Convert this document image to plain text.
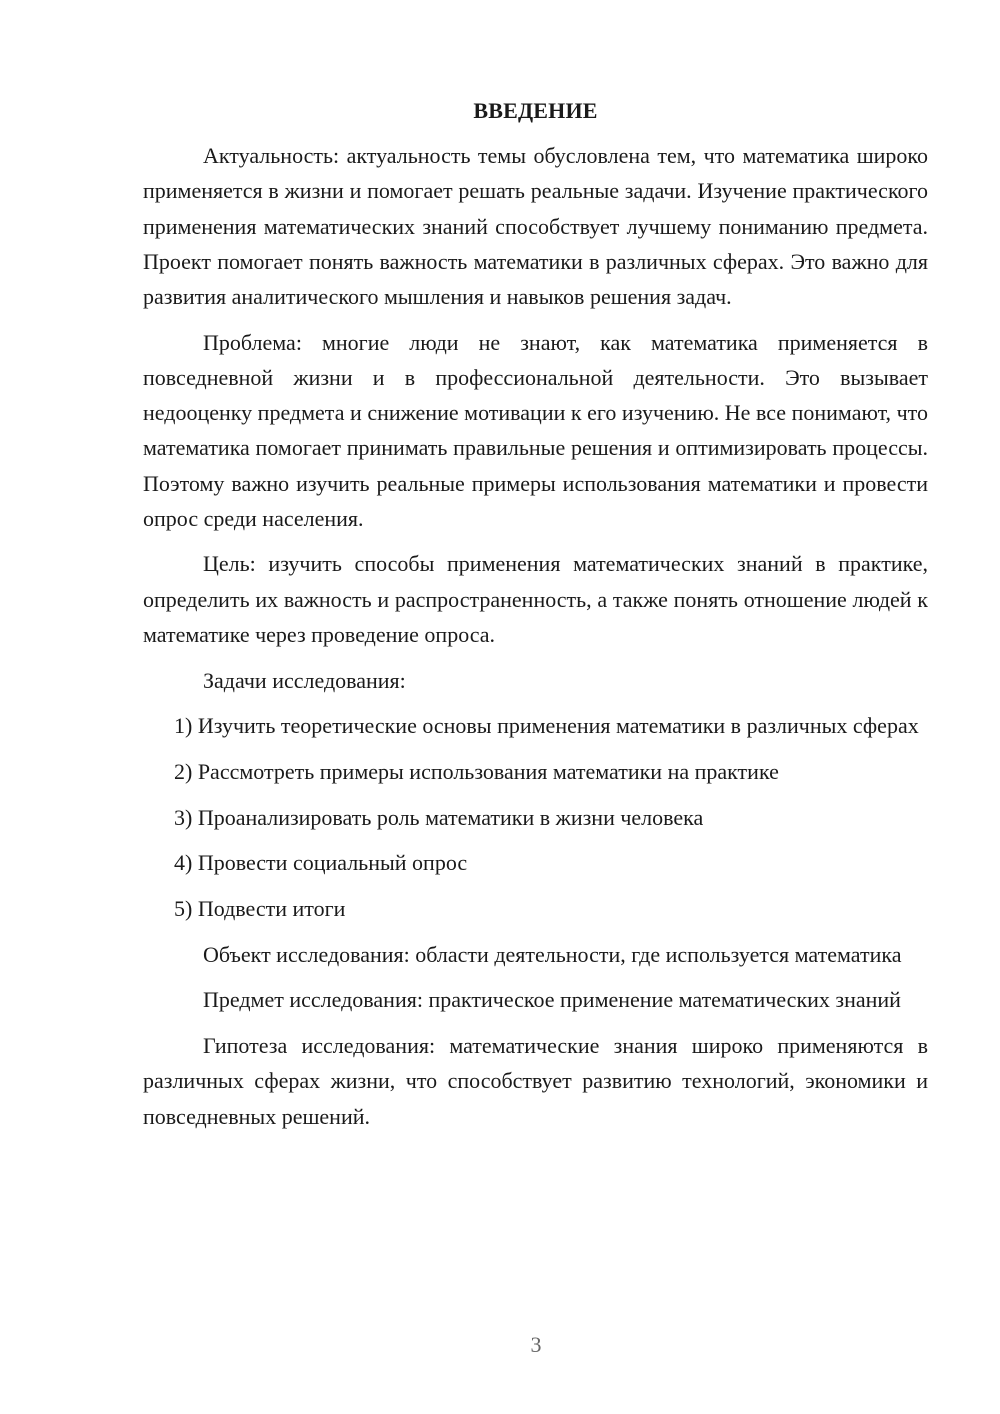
ВВЕДЕНИЕ

Актуальность: актуальность темы обусловлена тем, что математика широко применяется в жизни и помогает решать реальные задачи. Изучение практического применения математических знаний способствует лучшему пониманию предмета. Проект помогает понять важность математики в различных сферах. Это важно для развития аналитического мышления и навыков решения задач.

Проблема: многие люди не знают, как математика применяется в повседневной жизни и в профессиональной деятельности. Это вызывает недооценку предмета и снижение мотивации к его изучению. Не все понимают, что математика помогает принимать правильные решения и оптимизировать процессы. Поэтому важно изучить реальные примеры использования математики и провести опрос среди населения.

Цель: изучить способы применения математических знаний в практике, определить их важность и распространенность, а также понять отношение людей к математике через проведение опроса.

Задачи исследования:

1) Изучить теоретические основы применения математики в различных сферах

2) Рассмотреть примеры использования математики на практике

3) Проанализировать роль математики в жизни человека

4) Провести социальный опрос

5) Подвести итоги

Объект исследования: области деятельности, где используется математика

Предмет исследования: практическое применение математических знаний

Гипотеза исследования: математические знания широко применяются в различных сферах жизни, что способствует развитию технологий, экономики и повседневных решений.

3
